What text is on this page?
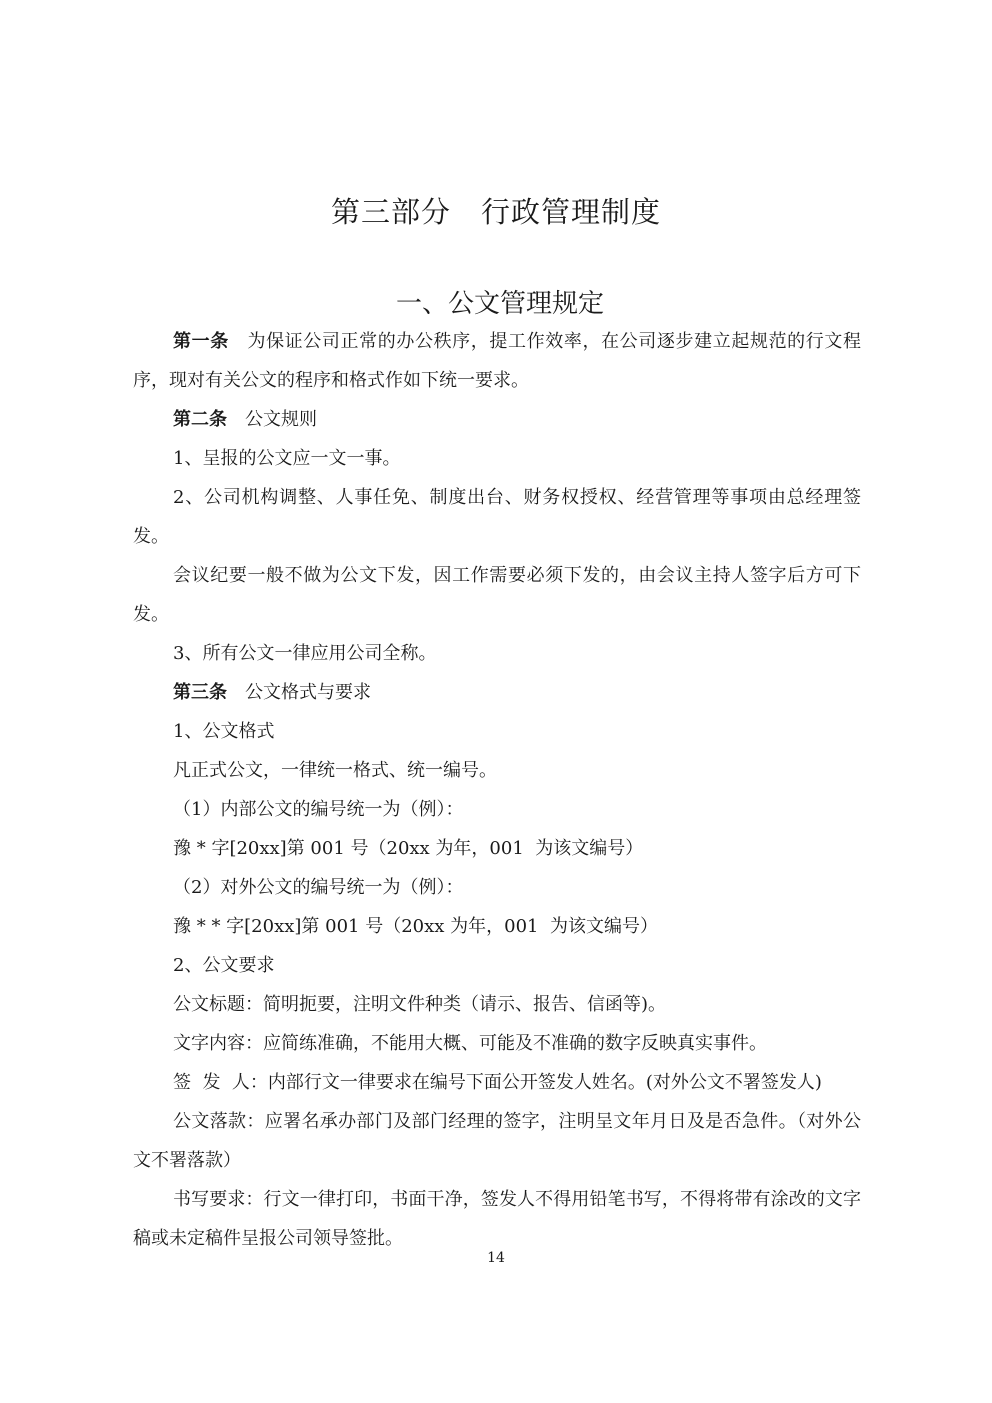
第三部分　行政管理制度
一、公文管理规定

第一条　为保证公司正常的办公秩序，提工作效率，在公司逐步建立起规范的行文程序，现对有关公文的程序和格式作如下统一要求。

第二条　公文规则

1、呈报的公文应一文一事。

2、公司机构调整、人事任免、制度出台、财务权授权、经营管理等事项由总经理签发。

会议纪要一般不做为公文下发，因工作需要必须下发的，由会议主持人签字后方可下发。

3、所有公文一律应用公司全称。

第三条　公文格式与要求

1、公文格式

凡正式公文，一律统一格式、统一编号。

（1）内部公文的编号统一为（例）：

豫 * 字[20xx]第 001 号（20xx 为年，001  为该文编号）

（2）对外公文的编号统一为（例）：

豫 * * 字[20xx]第 001 号（20xx 为年，001  为该文编号）

2、公文要求

公文标题：简明扼要，注明文件种类（请示、报告、信函等)。

文字内容：应简练准确，不能用大概、可能及不准确的数字反映真实事件。

签  发  人：内部行文一律要求在编号下面公开签发人姓名。(对外公文不署签发人)

公文落款：应署名承办部门及部门经理的签字，注明呈文年月日及是否急件。（对外公文不署落款）

书写要求：行文一律打印，书面干净，签发人不得用铅笔书写，不得将带有涂改的文字稿或未定稿件呈报公司领导签批。

14
